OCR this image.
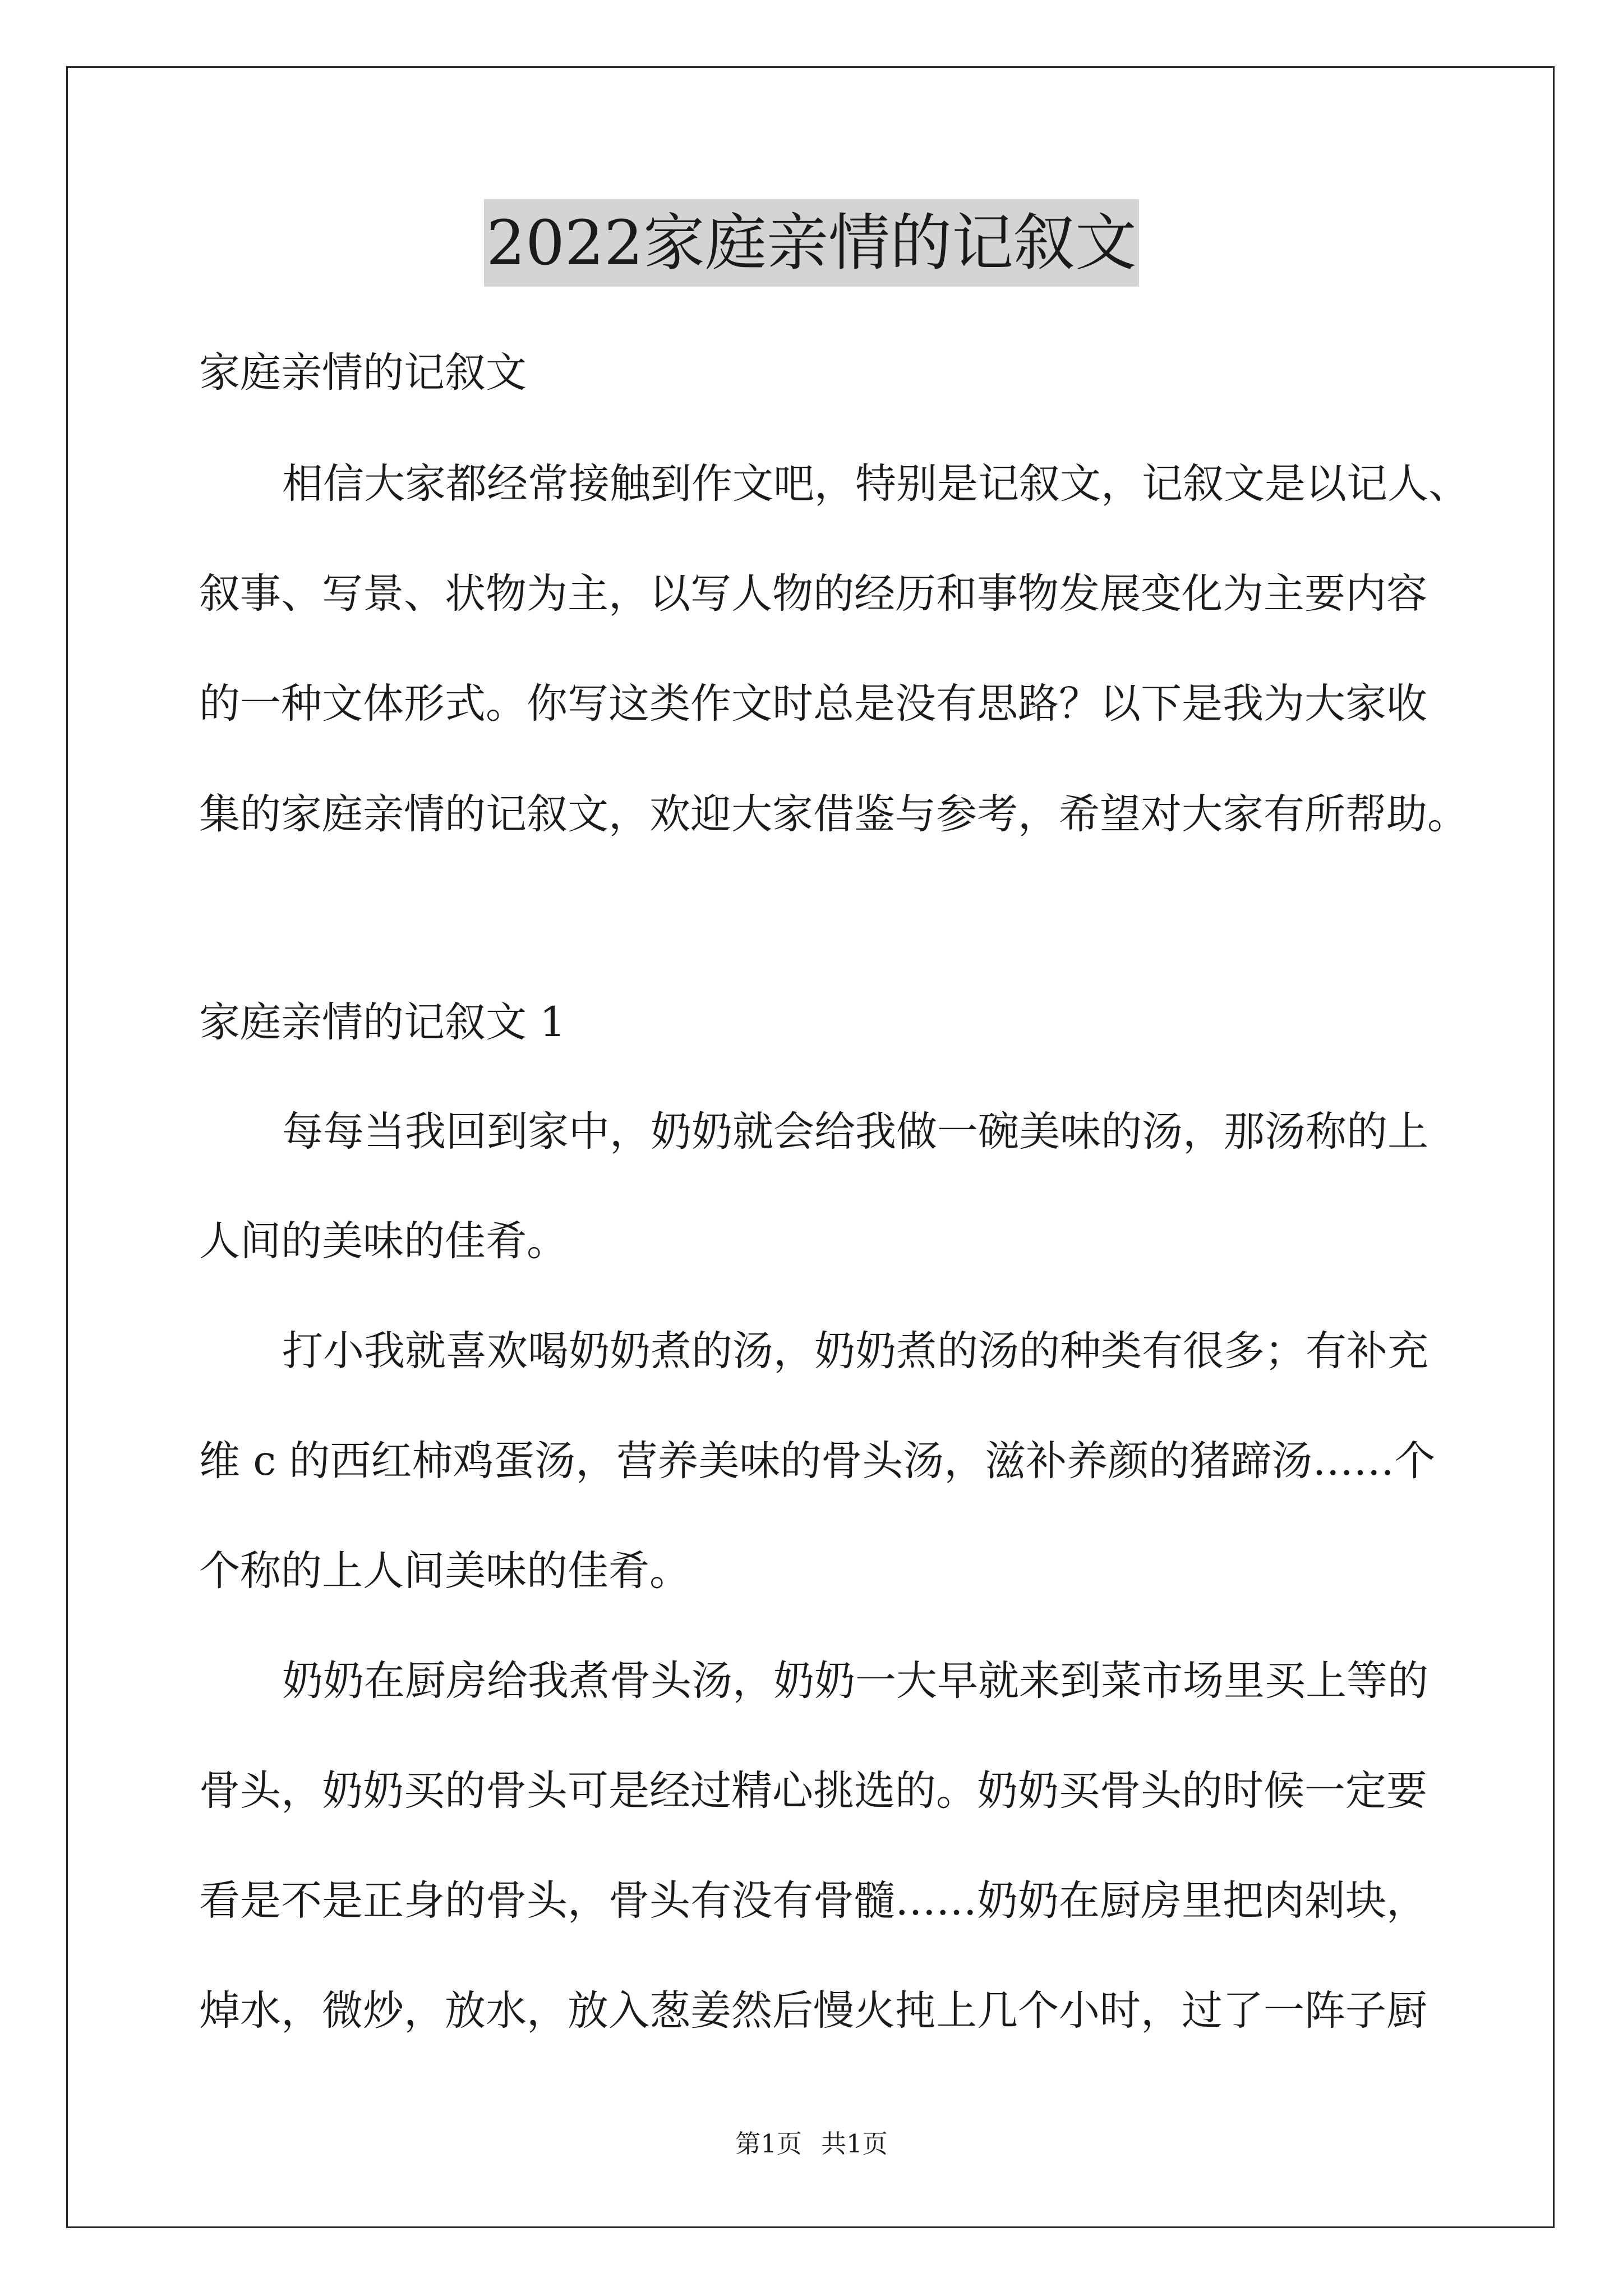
2022家庭亲情的记叙文
家庭亲情的记叙文
相信大家都经常接触到作文吧，特别是记叙文，记叙文是以记人、
叙事、写景、状物为主，以写人物的经历和事物发展变化为主要内容
的一种文体形式。你写这类作文时总是没有思路？以下是我为大家收
集的家庭亲情的记叙文，欢迎大家借鉴与参考，希望对大家有所帮助。
家庭亲情的记叙文 1
每每当我回到家中，奶奶就会给我做一碗美味的汤，那汤称的上
人间的美味的佳肴。
打小我就喜欢喝奶奶煮的汤，奶奶煮的汤的种类有很多；有补充
维 c 的西红柿鸡蛋汤，营养美味的骨头汤，滋补养颜的猪蹄汤……个
个称的上人间美味的佳肴。
奶奶在厨房给我煮骨头汤，奶奶一大早就来到菜市场里买上等的
骨头，奶奶买的骨头可是经过精心挑选的。奶奶买骨头的时候一定要
看是不是正身的骨头，骨头有没有骨髓……奶奶在厨房里把肉剁块，
焯水，微炒，放水，放入葱姜然后慢火扽上几个小时，过了一阵子厨
第1页 共1页
